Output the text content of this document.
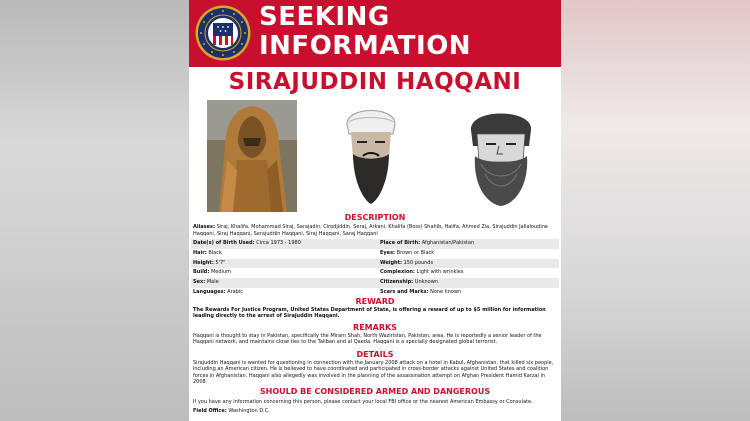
SEEKING
INFORMATION
SIRAJUDDIN HAQQANI
DESCRIPTION
Aliases: Siraj, Khalifa, Mohammad Siraj, Sarajadin, Cirodjiddin, Seraj, Arkani, Khalifa (Boss) Shahib, Halifa, Ahmed Zia, Sirajuddin Jallaloudine Haqqani, Siraj Haqqani, Serajuddin Haqqani, Siraj Haqqani, Saraj Haqqani
Date(s) of Birth Used: Circa 1973 - 1980	Place of Birth: Afghanistan/Pakistan
Hair: Black	Eyes: Brown or Black
Height: 5'7"	Weight: 150 pounds
Build: Medium	Complexion: Light with wrinkles
Sex: Male	Citizenship: Unknown
Languages: Arabic	Scars and Marks: None known
REWARD
The Rewards For Justice Program, United States Department of State, is offering a reward of up to $5 million for information leading directly to the arrest of Sirajuddin Haqqani.
REMARKS
Haqqani is thought to stay in Pakistan, specifically the Miram Shah, North Waziristan, Pakistan, area. He is reportedly a senior leader of the Haqqani network, and maintains close ties to the Taliban and al Qaeda. Haqqani is a specially designated global terrorist.
DETAILS
Sirajuddin Haqqani is wanted for questioning in connection with the January 2008 attack on a hotel in Kabul, Afghanistan, that killed six people, including an American citizen. He is believed to have coordinated and participated in cross-border attacks against United States and coalition forces in Afghanistan. Haqqani also allegedly was involved in the planning of the assassination attempt on Afghan President Hamid Karzai in 2008.
SHOULD BE CONSIDERED ARMED AND DANGEROUS
If you have any information concerning this person, please contact your local FBI office or the nearest American Embassy or Consulate.
Field Office: Washington D.C.
